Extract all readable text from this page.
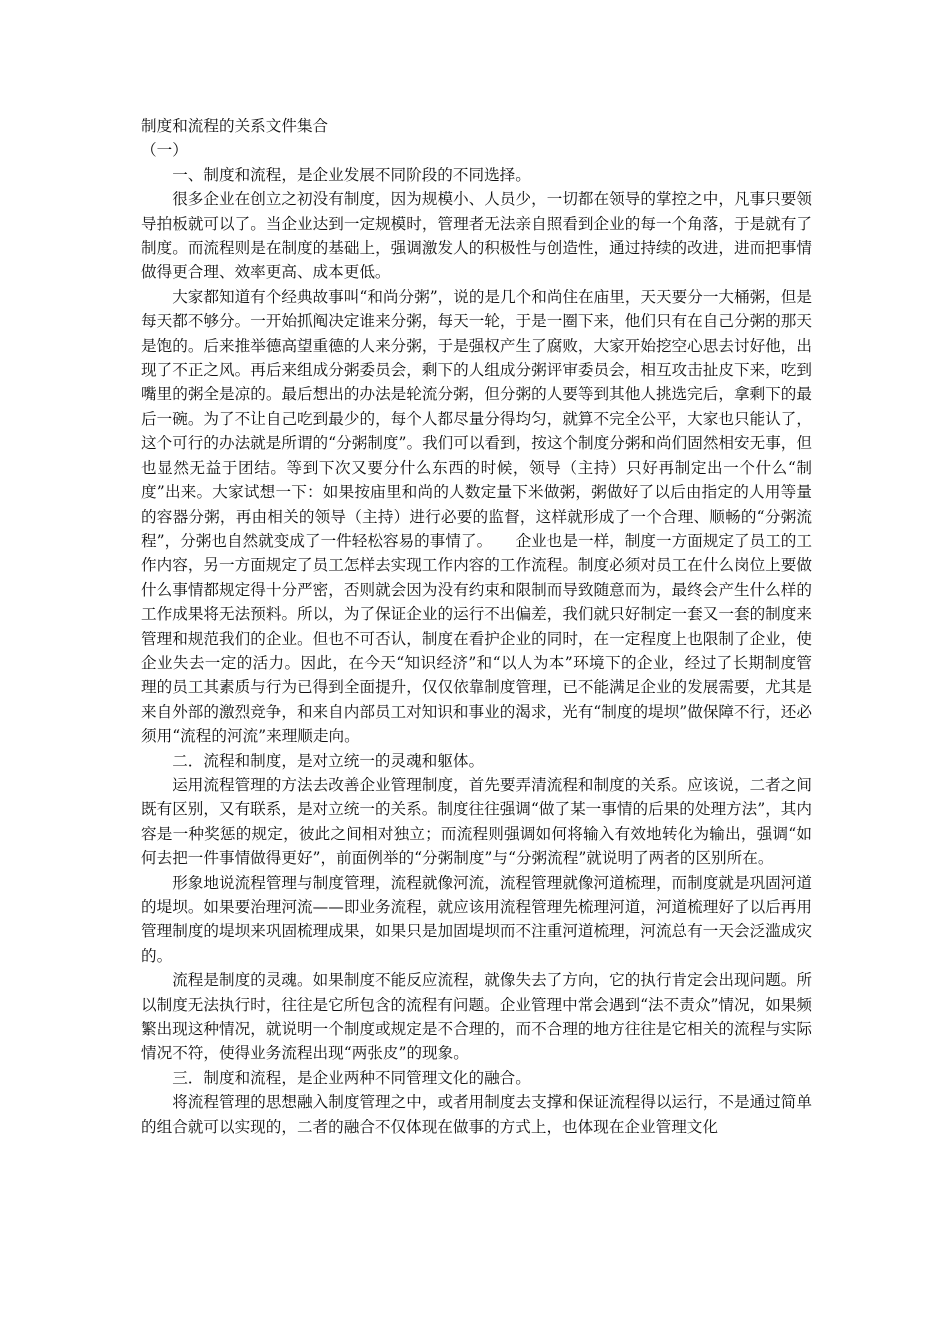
制度和流程的关系文件集合

（一）

一、制度和流程，是企业发展不同阶段的不同选择。

很多企业在创立之初没有制度，因为规模小、人员少，一切都在领导的掌控之中，凡事只要领导拍板就可以了。当企业达到一定规模时，管理者无法亲自照看到企业的每一个角落，于是就有了制度。而流程则是在制度的基础上，强调激发人的积极性与创造性，通过持续的改进，进而把事情做得更合理、效率更高、成本更低。

大家都知道有个经典故事叫“和尚分粥”，说的是几个和尚住在庙里，天天要分一大桶粥，但是每天都不够分。一开始抓阄决定谁来分粥，每天一轮，于是一圈下来，他们只有在自己分粥的那天是饱的。后来推举德高望重德的人来分粥，于是强权产生了腐败，大家开始挖空心思去讨好他，出现了不正之风。再后来组成分粥委员会，剩下的人组成分粥评审委员会，相互攻击扯皮下来，吃到嘴里的粥全是凉的。最后想出的办法是轮流分粥，但分粥的人要等到其他人挑选完后，拿剩下的最后一碗。为了不让自己吃到最少的，每个人都尽量分得均匀，就算不完全公平，大家也只能认了，这个可行的办法就是所谓的“分粥制度”。我们可以看到，按这个制度分粥和尚们固然相安无事，但也显然无益于团结。等到下次又要分什么东西的时候，领导（主持）只好再制定出一个什么“制度”出来。大家试想一下：如果按庙里和尚的人数定量下米做粥，粥做好了以后由指定的人用等量的容器分粥，再由相关的领导（主持）进行必要的监督，这样就形成了一个合理、顺畅的“分粥流程”，分粥也自然就变成了一件轻松容易的事情了。　　企业也是一样，制度一方面规定了员工的工作内容，另一方面规定了员工怎样去实现工作内容的工作流程。制度必须对员工在什么岗位上要做什么事情都规定得十分严密，否则就会因为没有约束和限制而导致随意而为，最终会产生什么样的工作成果将无法预料。所以，为了保证企业的运行不出偏差，我们就只好制定一套又一套的制度来管理和规范我们的企业。但也不可否认，制度在看护企业的同时，在一定程度上也限制了企业，使企业失去一定的活力。因此，在今天“知识经济”和“以人为本”环境下的企业，经过了长期制度管理的员工其素质与行为已得到全面提升，仅仅依靠制度管理，已不能满足企业的发展需要，尤其是来自外部的激烈竞争，和来自内部员工对知识和事业的渴求，光有“制度的堤坝”做保障不行，还必须用“流程的河流”来理顺走向。

二．流程和制度，是对立统一的灵魂和躯体。

运用流程管理的方法去改善企业管理制度，首先要弄清流程和制度的关系。应该说，二者之间既有区别，又有联系，是对立统一的关系。制度往往强调“做了某一事情的后果的处理方法”，其内容是一种奖惩的规定，彼此之间相对独立；而流程则强调如何将输入有效地转化为输出，强调“如何去把一件事情做得更好”，前面例举的“分粥制度”与“分粥流程”就说明了两者的区别所在。

形象地说流程管理与制度管理，流程就像河流，流程管理就像河道梳理，而制度就是巩固河道的堤坝。如果要治理河流——即业务流程，就应该用流程管理先梳理河道，河道梳理好了以后再用管理制度的堤坝来巩固梳理成果，如果只是加固堤坝而不注重河道梳理，河流总有一天会泛滥成灾的。

流程是制度的灵魂。如果制度不能反应流程，就像失去了方向，它的执行肯定会出现问题。所以制度无法执行时，往往是它所包含的流程有问题。企业管理中常会遇到“法不责众”情况，如果频繁出现这种情况，就说明一个制度或规定是不合理的，而不合理的地方往往是它相关的流程与实际情况不符，使得业务流程出现“两张皮”的现象。

三．制度和流程，是企业两种不同管理文化的融合。

将流程管理的思想融入制度管理之中，或者用制度去支撑和保证流程得以运行，不是通过简单的组合就可以实现的，二者的融合不仅体现在做事的方式上，也体现在企业管理文化
